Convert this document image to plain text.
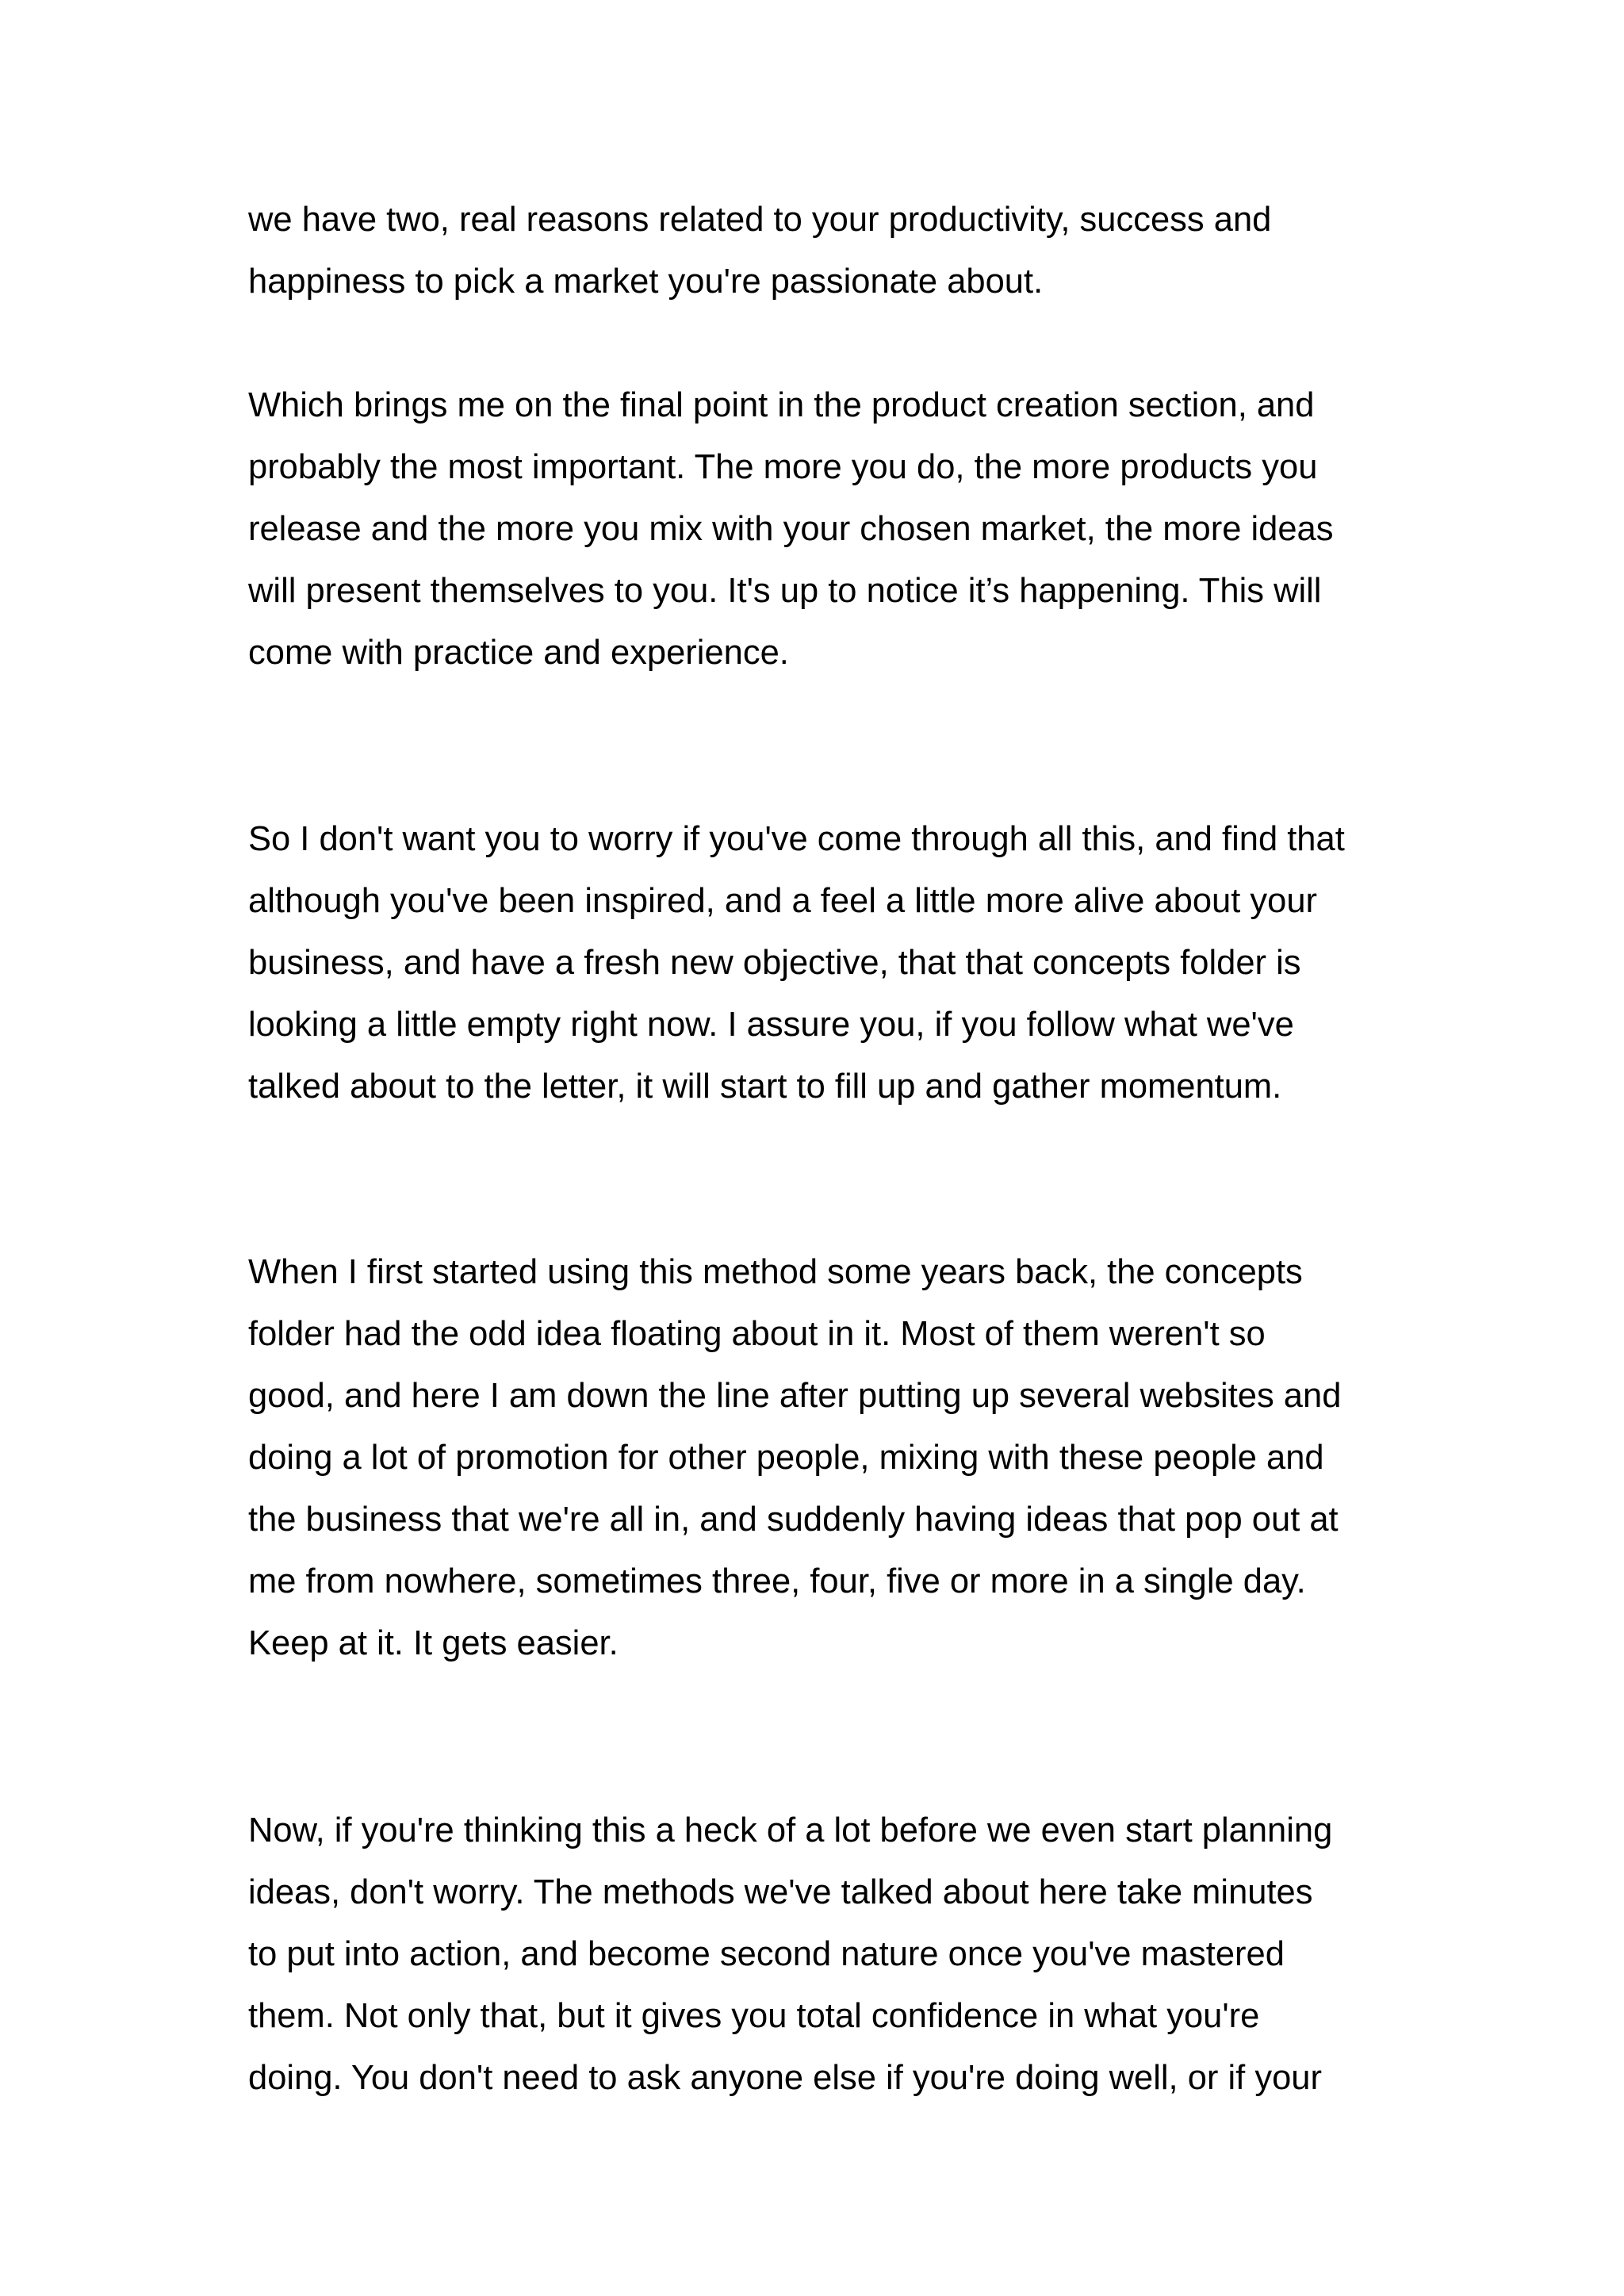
we have two, real reasons related to your productivity, success and
happiness to pick a market you're passionate about.

Which brings me on the final point in the product creation section, and
probably the most important. The more you do, the more products you
release and the more you mix with your chosen market, the more ideas
will present themselves to you. It's up to notice it’s happening. This will
come with practice and experience.

So I don't want you to worry if you've come through all this, and find that
although you've been inspired, and a feel a little more alive about your
business, and have a fresh new objective, that that concepts folder is
looking a little empty right now. I assure you, if you follow what we've
talked about to the letter, it will start to fill up and gather momentum.

When I first started using this method some years back, the concepts
folder had the odd idea floating about in it. Most of them weren't so
good, and here I am down the line after putting up several websites and
doing a lot of promotion for other people, mixing with these people and
the business that we're all in, and suddenly having ideas that pop out at
me from nowhere, sometimes three, four, five or more in a single day.
Keep at it. It gets easier.

Now, if you're thinking this a heck of a lot before we even start planning
ideas, don't worry. The methods we've talked about here take minutes
to put into action, and become second nature once you've mastered
them. Not only that, but it gives you total confidence in what you're
doing. You don't need to ask anyone else if you're doing well, or if your
